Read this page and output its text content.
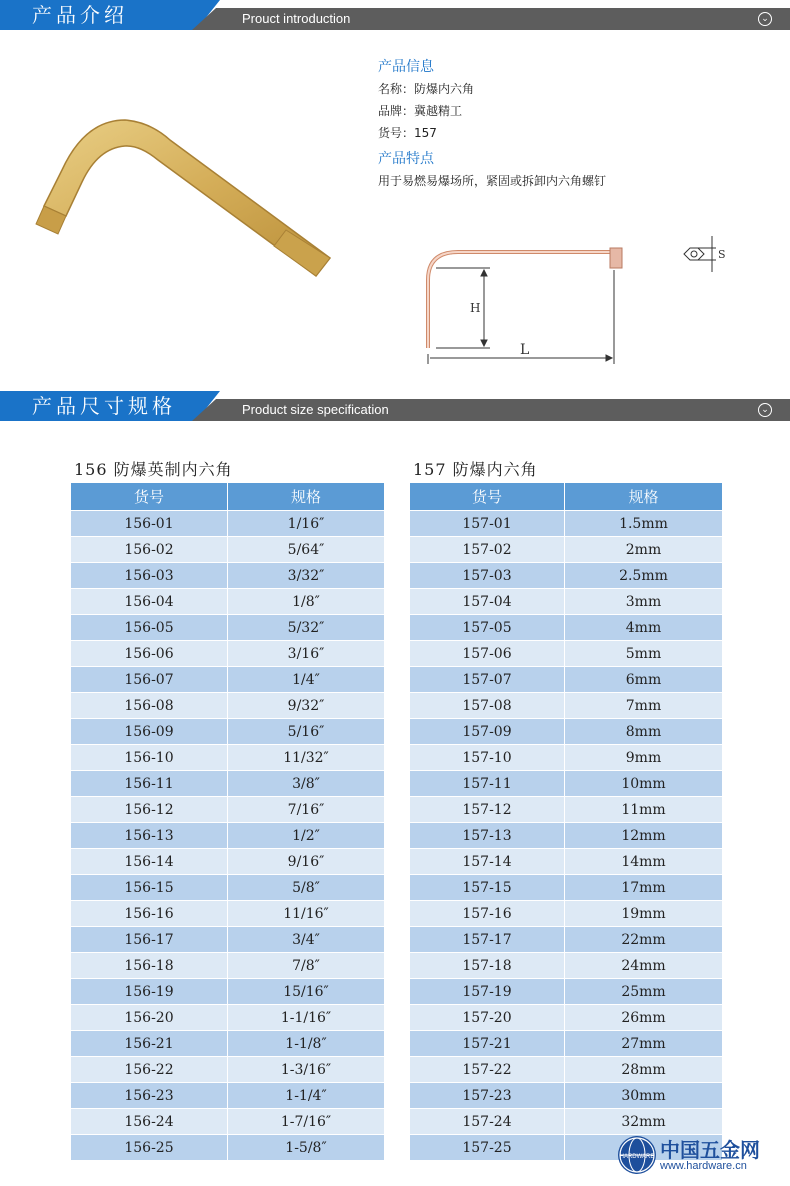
产品介绍	Prouct introduction	⌄
产品信息

名称：防爆内六角

品牌：冀越精工

货号：157

产品特点

用于易燃易爆场所，紧固或拆卸内六角螺钉

H
L
S
产品尺寸规格	Product size specification	⌄
156 防爆英制内六角
货号	规格
156-01	1/16″
156-02	5/64″
156-03	3/32″
156-04	1/8″
156-05	5/32″
156-06	3/16″
156-07	1/4″
156-08	9/32″
156-09	5/16″
156-10	11/32″
156-11	3/8″
156-12	7/16″
156-13	1/2″
156-14	9/16″
156-15	5/8″
156-16	11/16″
156-17	3/4″
156-18	7/8″
156-19	15/16″
156-20	1-1/16″
156-21	1-1/8″
156-22	1-3/16″
156-23	1-1/4″
156-24	1-7/16″
156-25	1-5/8″
157 防爆内六角
货号	规格
157-01	1.5mm
157-02	2mm
157-03	2.5mm
157-04	3mm
157-05	4mm
157-06	5mm
157-07	6mm
157-08	7mm
157-09	8mm
157-10	9mm
157-11	10mm
157-12	11mm
157-13	12mm
157-14	14mm
157-15	17mm
157-16	19mm
157-17	22mm
157-18	24mm
157-19	25mm
157-20	26mm
157-21	27mm
157-22	28mm
157-23	30mm
157-24	32mm
157-25	
HARDWARE 中国五金网
www.hardware.cn
